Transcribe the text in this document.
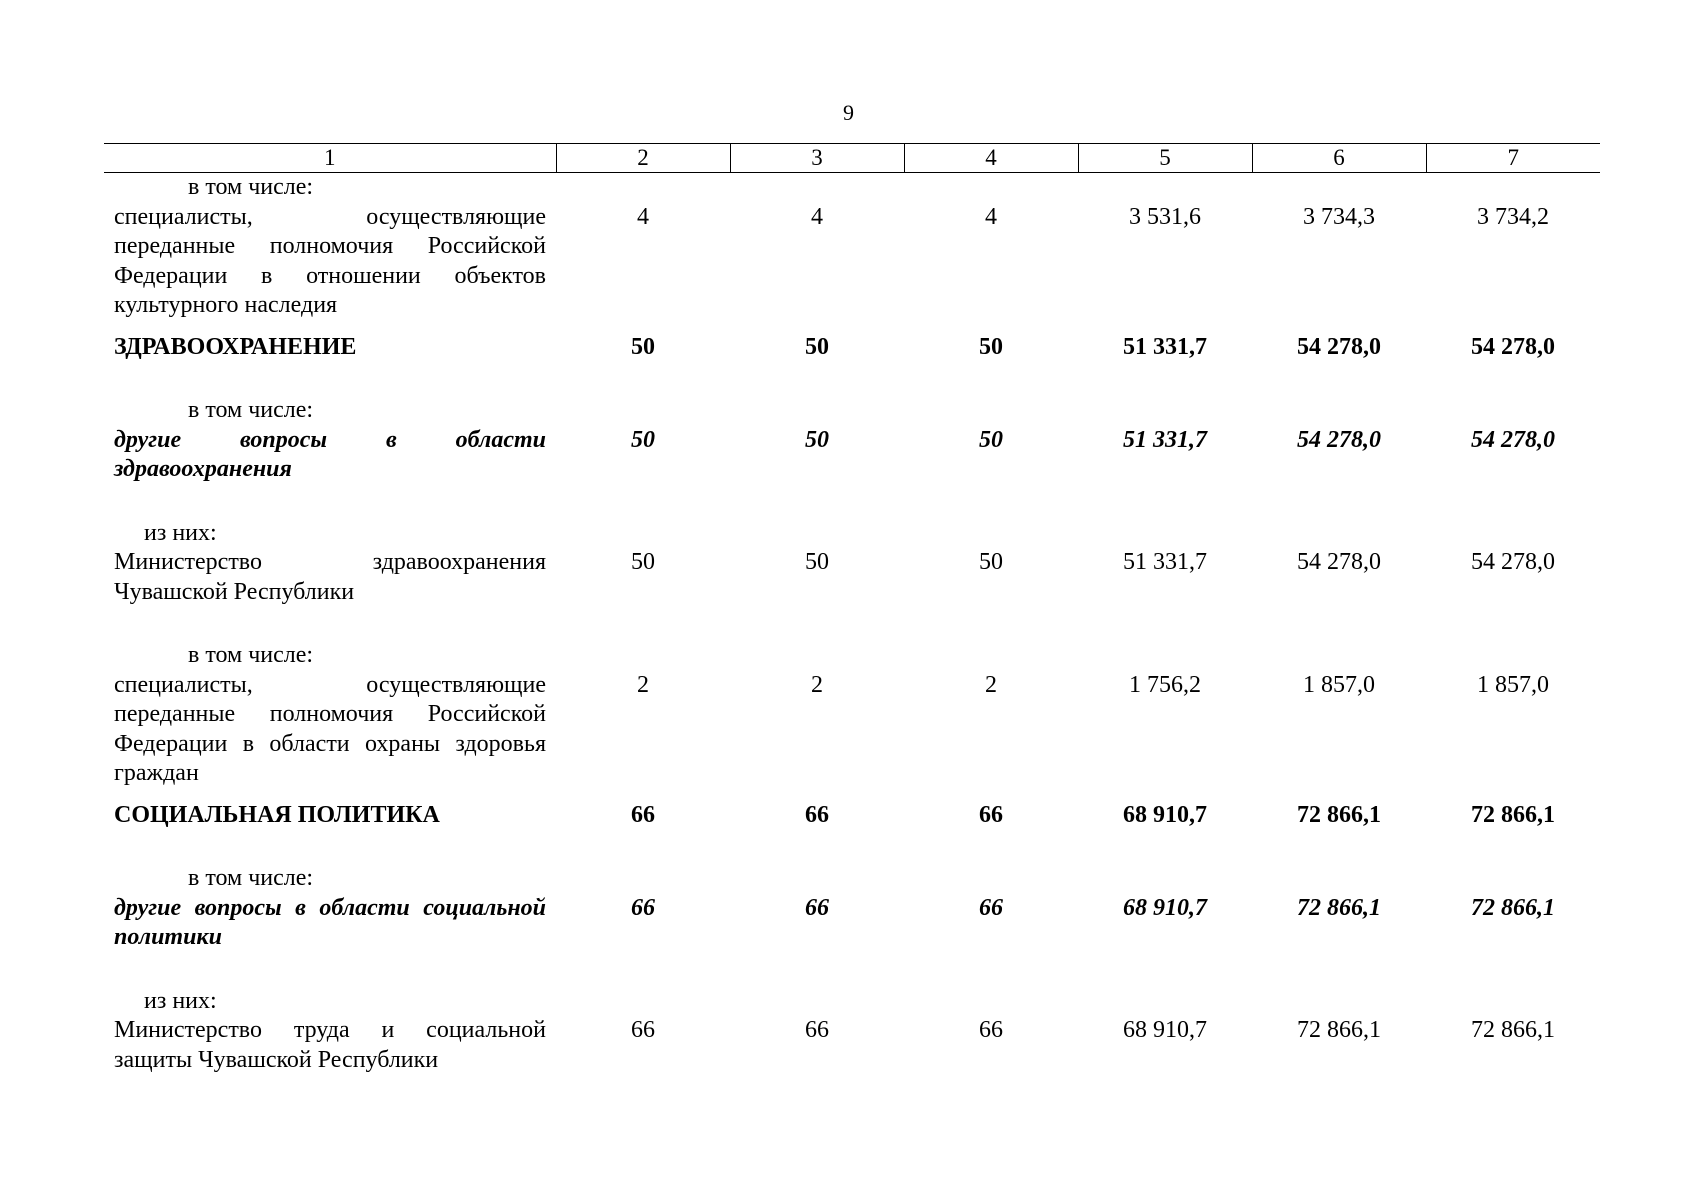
9
1	2	3	4	5	6	7

в том числе:
специалисты, осуществляющие переданные полномочия Российской Федерации в отношении объектов культурного наследия	4	4	4	3 531,6	3 734,3	3 734,2

ЗДРАВООХРАНЕНИЕ	50	50	50	51 331,7	54 278,0	54 278,0

в том числе:
другие вопросы в области здравоохранения	50	50	50	51 331,7	54 278,0	54 278,0

из них:
Министерство здравоохранения Чувашской Республики	50	50	50	51 331,7	54 278,0	54 278,0

в том числе:
специалисты, осуществляющие переданные полномочия Российской Федерации в области охраны здоровья граждан	2	2	2	1 756,2	1 857,0	1 857,0

СОЦИАЛЬНАЯ ПОЛИТИКА	66	66	66	68 910,7	72 866,1	72 866,1

в том числе:
другие вопросы в области социальной политики	66	66	66	68 910,7	72 866,1	72 866,1

из них:
Министерство труда и социальной защиты Чувашской Республики	66	66	66	68 910,7	72 866,1	72 866,1
